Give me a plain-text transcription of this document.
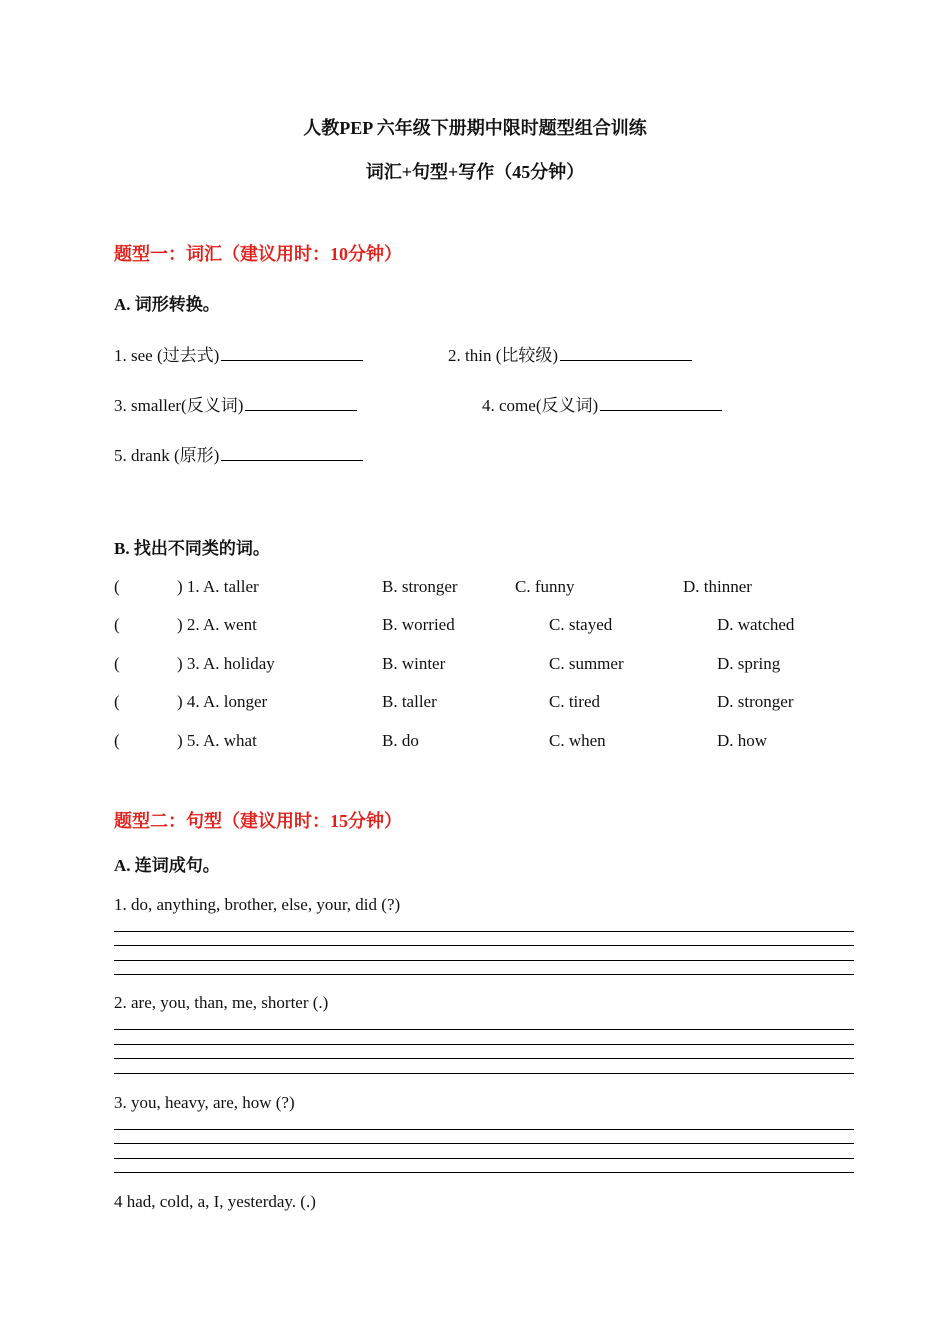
人教PEP 六年级下册期中限时题型组合训练
词汇+句型+写作（45分钟）
题型一：词汇（建议用时：10分钟）
A. 词形转换。
1. see (过去式)	2. thin (比较级)
3. smaller(反义词)	4. come(反义词)
5. drank (原形)
B. 找出不同类的词。
(	) 1. A. taller	B. stronger	C. funny	D. thinner
(	) 2. A. went	B. worried	C. stayed	D. watched
(	) 3. A. holiday	B. winter	C. summer	D. spring
(	) 4. A. longer	B. taller	C. tired	D. stronger
(	) 5. A. what	B. do	C. when	D. how
题型二：句型（建议用时：15分钟）
A. 连词成句。
1. do, anything, brother, else, your, did (?)
2. are, you, than, me, shorter (.)
3. you, heavy, are, how (?)
4 had, cold, a, I, yesterday. (.)
